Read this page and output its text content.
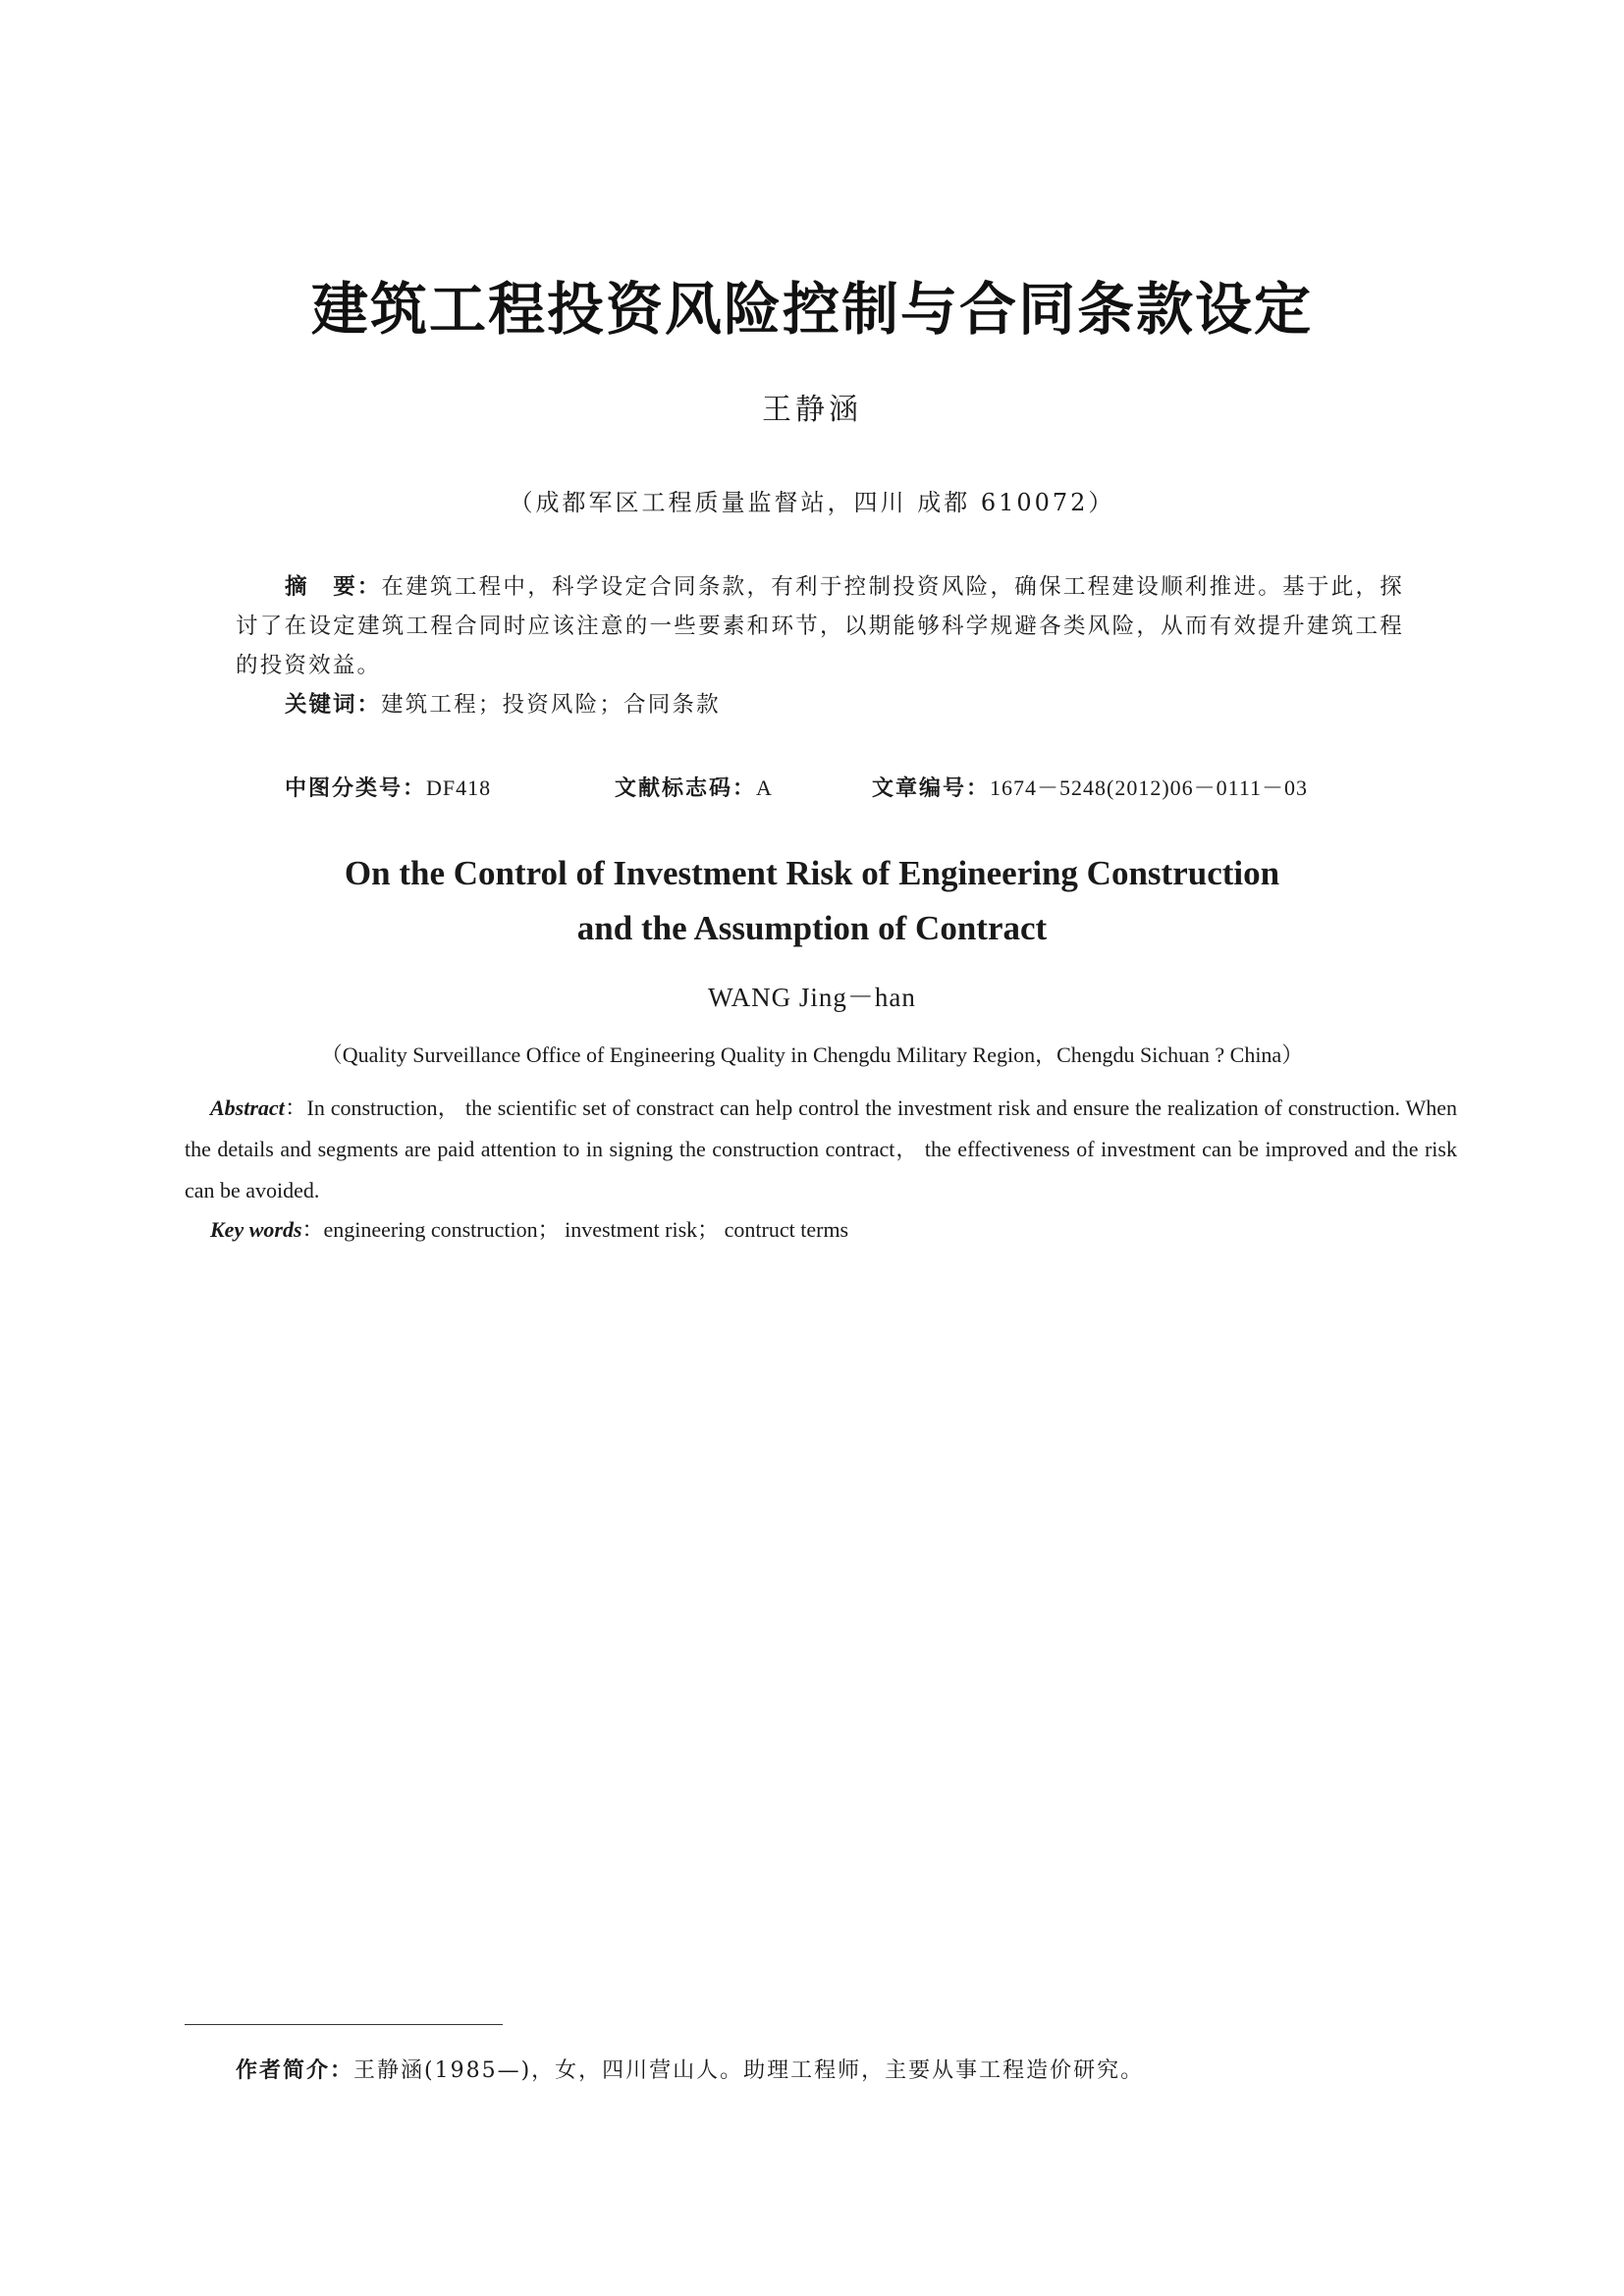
建筑工程投资风险控制与合同条款设定
王静涵
（成都军区工程质量监督站，四川 成都 610072）
摘　要：在建筑工程中，科学设定合同条款，有利于控制投资风险，确保工程建设顺利推进。基于此，探讨了在设定建筑工程合同时应该注意的一些要素和环节，以期能够科学规避各类风险，从而有效提升建筑工程的投资效益。
关键词：建筑工程；投资风险；合同条款
中图分类号：DF418	文献标志码：A	文章编号：1674－5248(2012)06－0111－03
On the Control of Investment Risk of Engineering Construction
and the Assumption of Contract
WANG Jing－han
（Quality Surveillance Office of Engineering Quality in Chengdu Military Region，Chengdu Sichuan ? China）
Abstract：In construction， the scientific set of constract can help control the investment risk and ensure the realization of construction. When the details and segments are paid attention to in signing the construction contract， the effectiveness of investment can be improved and the risk can be avoided.
Key words：engineering construction； investment risk； contruct terms
作者简介：王静涵(1985—)，女，四川营山人。助理工程师，主要从事工程造价研究。
